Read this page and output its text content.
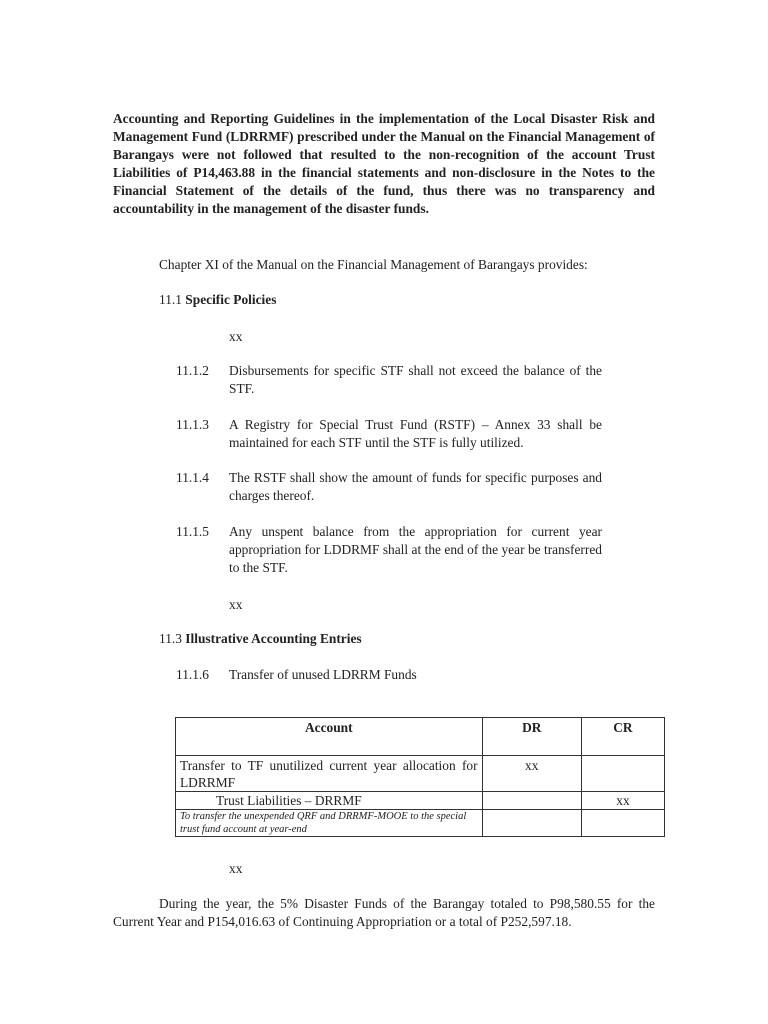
Accounting and Reporting Guidelines in the implementation of the Local Disaster Risk and Management Fund (LDRRMF) prescribed under the Manual on the Financial Management of Barangays were not followed that resulted to the non-recognition of the account Trust Liabilities of P14,463.88 in the financial statements and non-disclosure in the Notes to the Financial Statement of the details of the fund, thus there was no transparency and accountability in the management of the disaster funds.
Chapter XI of the Manual on the Financial Management of Barangays provides:
11.1 Specific Policies
xx
11.1.2 Disbursements for specific STF shall not exceed the balance of the STF.
11.1.3 A Registry for Special Trust Fund (RSTF) – Annex 33 shall be maintained for each STF until the STF is fully utilized.
11.1.4 The RSTF shall show the amount of funds for specific purposes and charges thereof.
11.1.5 Any unspent balance from the appropriation for current year appropriation for LDDRMF shall at the end of the year be transferred to the STF.
xx
11.3 Illustrative Accounting Entries
11.1.6 Transfer of unused LDRRM Funds
Account	DR	CR
Transfer to TF unutilized current year allocation for LDRRMF	xx	
Trust Liabilities – DRRMF		xx
To transfer the unexpended QRF and DRRMF-MOOE to the special trust fund account at year-end		
xx
During the year, the 5% Disaster Funds of the Barangay totaled to P98,580.55 for the Current Year and P154,016.63 of Continuing Appropriation or a total of P252,597.18.
